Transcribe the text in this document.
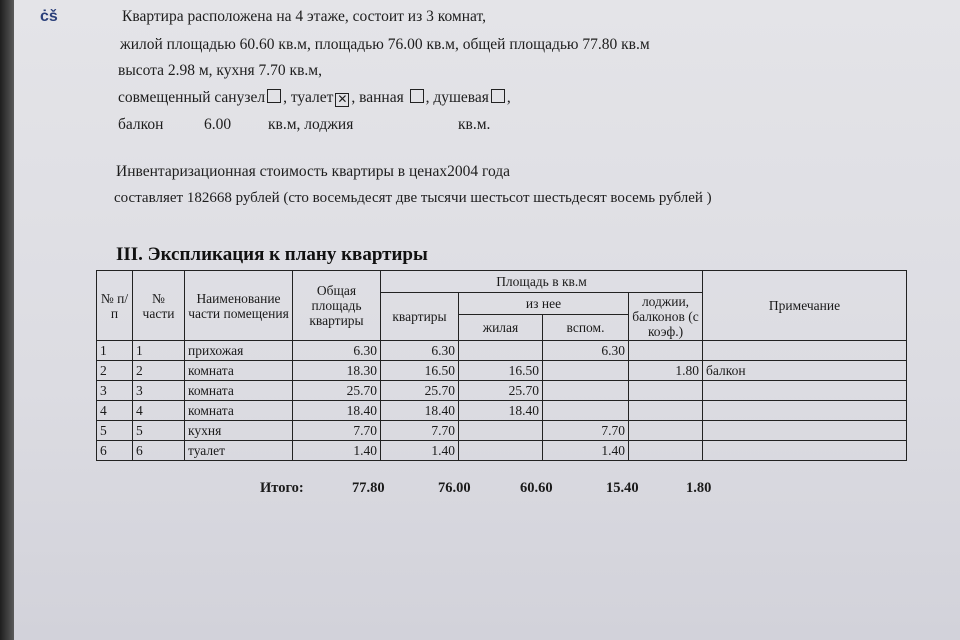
ċš	Квартира расположена на 4 этаже, состоит из 3 комнат,
жилой площадью 60.60 кв.м, площадью 76.00 кв.м, общей площадью 77.80 кв.м
высота 2.98 м, кухня 7.70 кв.м,
совмещенный санузел , туалет ✕ , ванная , душевая ,
балкон	6.00 кв.м, лоджия	кв.м.
Инвентаризационная стоимость квартиры в ценах2004 года
составляет 182668 рублей (сто восемьдесят две тысячи шестьсот шестьдесят восемь рублей )
III. Экспликация к плану квартиры
№ п/п	№ части	Наименование части помещения	Общая площадь квартиры	Площадь в кв.м				Примечание
				квартиры	из нее		лоджии, балконов (с коэф.)	
					жилая	вспом.		
1	1	прихожая	6.30	6.30		6.30		
2	2	комната	18.30	16.50	16.50		1.80	балкон
3	3	комната	25.70	25.70	25.70			
4	4	комната	18.40	18.40	18.40			
5	5	кухня	7.70	7.70		7.70		
6	6	туалет	1.40	1.40		1.40		
Итого:	77.80	76.00	60.60	15.40	1.80
